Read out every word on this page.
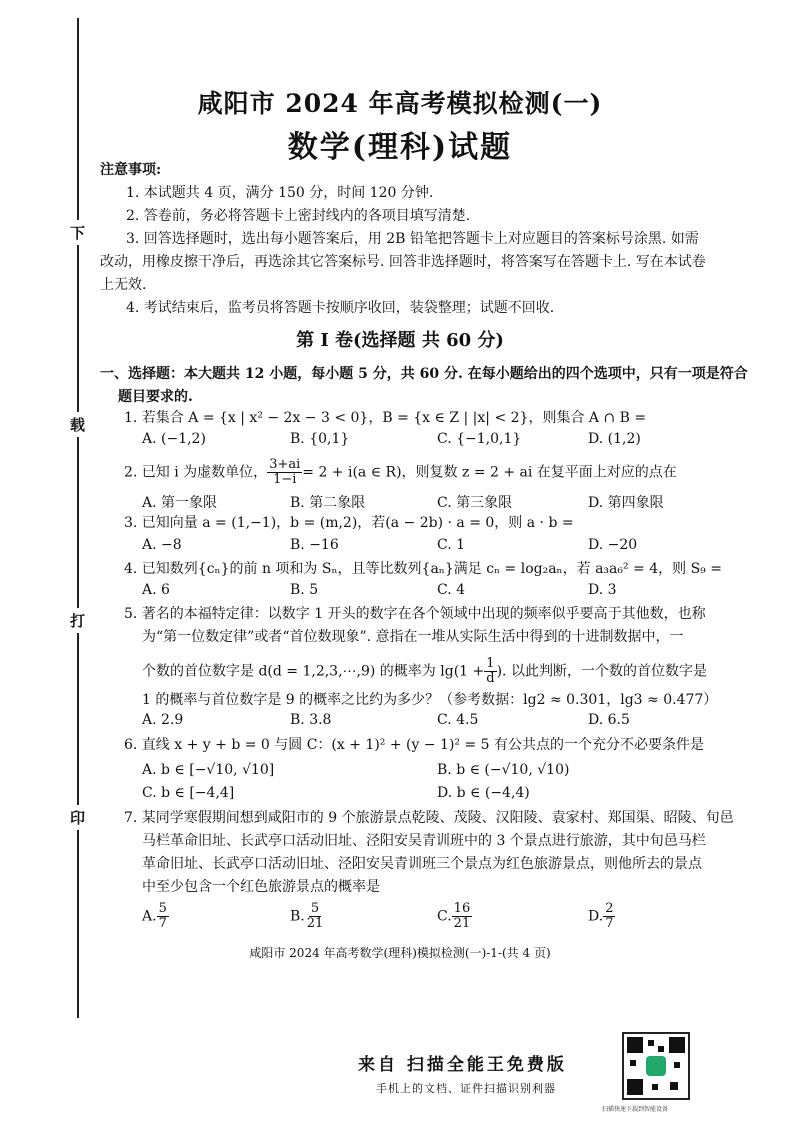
下
载
打
印
咸阳市 2024 年高考模拟检测(一)
数学(理科)试题
注意事项:
1. 本试题共 4 页，满分 150 分，时间 120 分钟.
2. 答卷前，务必将答题卡上密封线内的各项目填写清楚.
3. 回答选择题时，选出每小题答案后，用 2B 铅笔把答题卡上对应题目的答案标号涂黑. 如需
改动，用橡皮擦干净后，再选涂其它答案标号. 回答非选择题时，将答案写在答题卡上. 写在本试卷
上无效.
4. 考试结束后，监考员将答题卡按顺序收回，装袋整理；试题不回收.
第 Ⅰ 卷(选择题 共 60 分)
一、选择题：本大题共 12 小题，每小题 5 分，共 60 分. 在每小题给出的四个选项中，只有一项是符合
题目要求的.
1. 若集合 A = {x | x² − 2x − 3 < 0}，B = {x ∈ Z | |x| < 2}，则集合 A ∩ B =
A. (−1,2)	B. {0,1}	C. {−1,0,1}	D. (1,2)
2. 已知 i 为虚数单位， $\frac{3+ai}{1-i} = 2 + i(a$ ∈ R)，则复数 z = 2 + ai 在复平面上对应的点在
A. 第一象限	B. 第二象限	C. 第三象限	D. 第四象限
3. 已知向量 a = (1,−1)，b = (m,2)，若(a − 2b) · a = 0，则 a · b =
A. −8	B. −16	C. 1	D. −20
4. 已知数列{cₙ}的前 n 项和为 Sₙ，且等比数列{aₙ}满足 cₙ = log₂aₙ，若 a₃a₆² = 4，则 S₉ =
A. 6	B. 5	C. 4	D. 3
5. 著名的本福特定律：以数字 1 开头的数字在各个领域中出现的频率似乎要高于其他数，也称
为“第一位数定律”或者“首位数现象”. 意指在一堆从实际生活中得到的十进制数据中，一
个数的首位数字是 d(d = 1,2,3,⋯,9) 的概率为 $\lg(1 + \frac{1}{d}$ ). 以此判断，一个数的首位数字是
1 的概率与首位数字是 9 的概率之比约为多少？（参考数据：lg2 ≈ 0.301，lg3 ≈ 0.477）
A. 2.9	B. 3.8	C. 4.5	D. 6.5
6. 直线 x + y + b = 0 与圆 C：(x + 1)² + (y − 1)² = 5 有公共点的一个充分不必要条件是
A. b ∈ [−√10, √10]	B. b ∈ (−√10, √10)
C. b ∈ [−4,4]	D. b ∈ (−4,4)
7. 某同学寒假期间想到咸阳市的 9 个旅游景点乾陵、茂陵、汉阳陵、袁家村、郑国渠、昭陵、旬邑
马栏革命旧址、长武亭口活动旧址、泾阳安吴青训班中的 3 个景点进行旅游，其中旬邑马栏
革命旧址、长武亭口活动旧址、泾阳安吴青训班三个景点为红色旅游景点，则他所去的景点
中至少包含一个红色旅游景点的概率是
A. $\frac{5}{7}$	B. $\frac{5}{21}$	C. $\frac{16}{21}$	D. $\frac{2}{7}$
咸阳市 2024 年高考数学(理科)模拟检测(一)-1-(共 4 页)
来自 扫描全能王免费版
手机上的文档、证件扫描识别利器
扫描快速下载到智能设备
